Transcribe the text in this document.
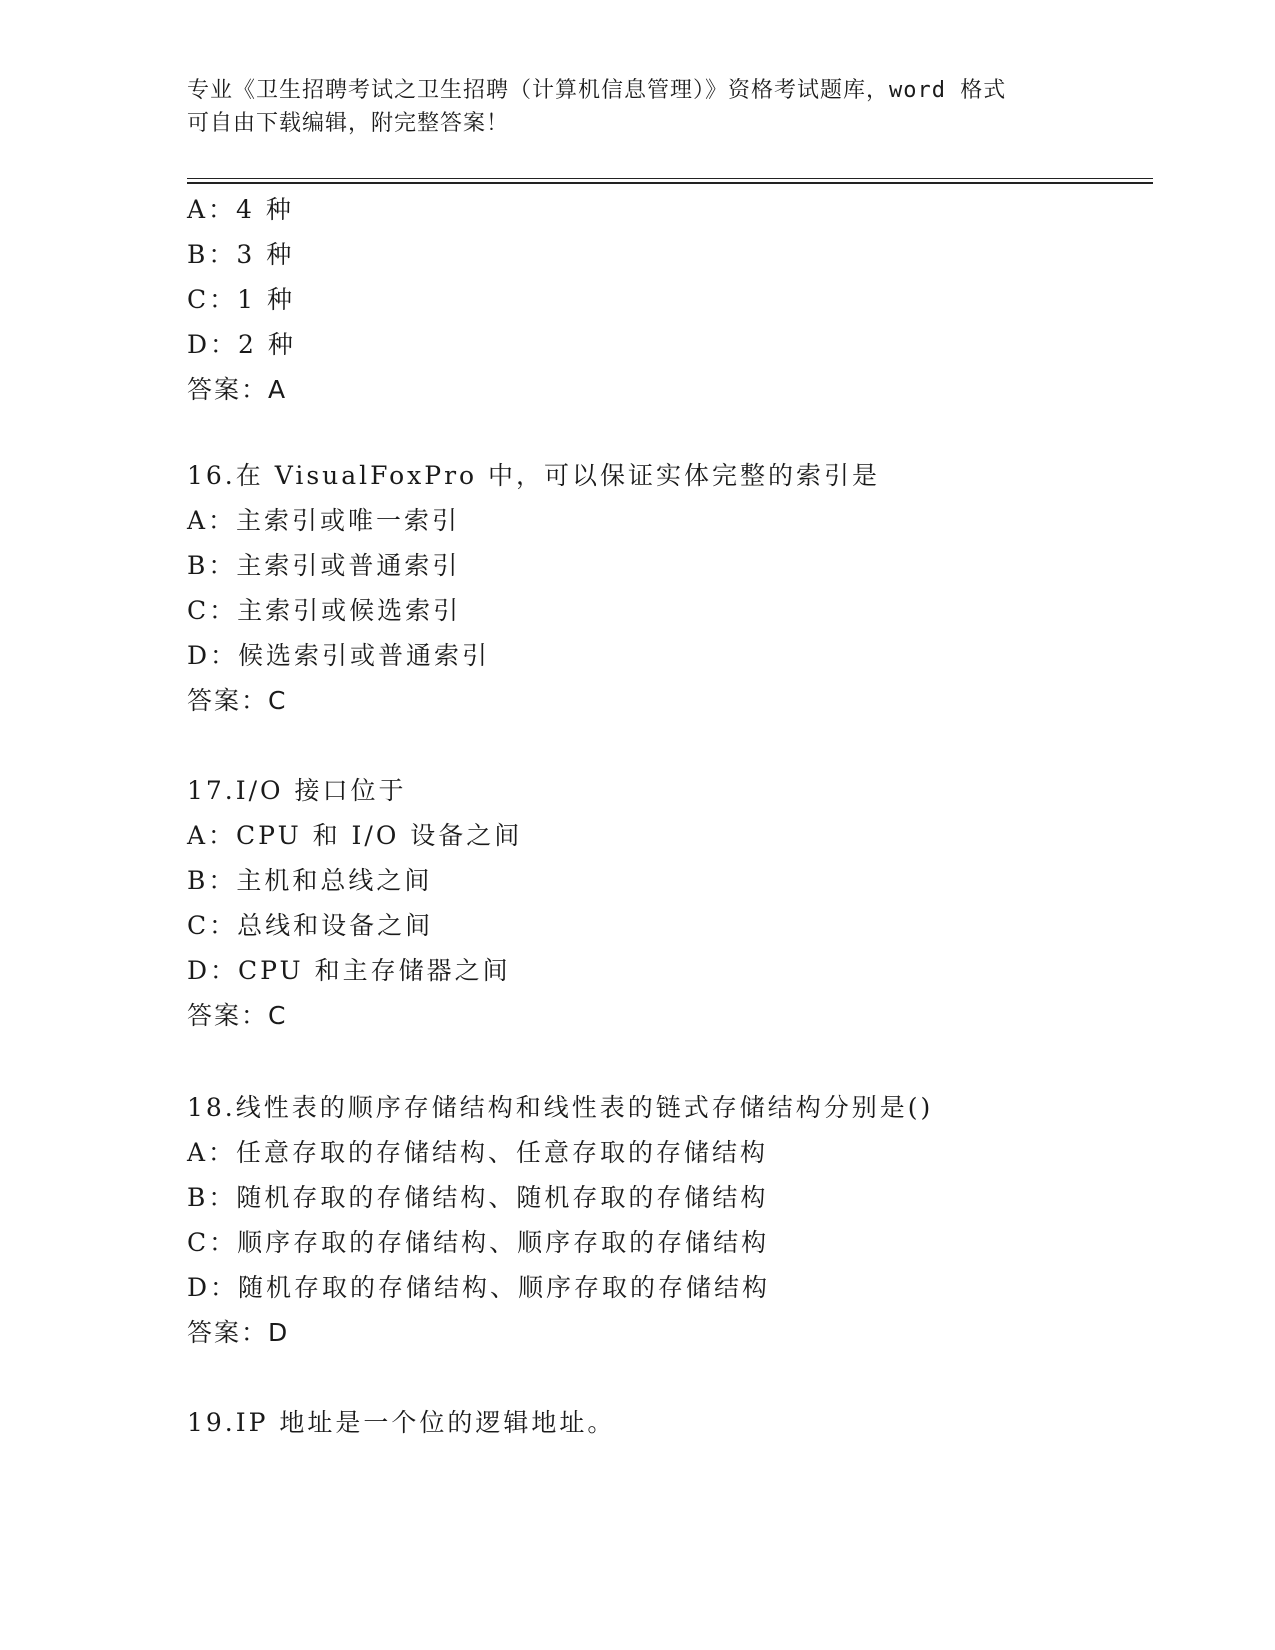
专业《卫生招聘考试之卫生招聘（计算机信息管理）》资格考试题库，word 格式
可自由下载编辑，附完整答案！
A：4 种
B：3 种
C：1 种
D：2 种
答案：A
16.在 VisualFoxPro 中，可以保证实体完整的索引是
A：主索引或唯一索引
B：主索引或普通索引
C：主索引或候选索引
D：候选索引或普通索引
答案：C
17.I/O 接口位于
A：CPU 和 I/O 设备之间
B：主机和总线之间
C：总线和设备之间
D：CPU 和主存储器之间
答案：C
18.线性表的顺序存储结构和线性表的链式存储结构分别是()
A：任意存取的存储结构、任意存取的存储结构
B：随机存取的存储结构、随机存取的存储结构
C：顺序存取的存储结构、顺序存取的存储结构
D：随机存取的存储结构、顺序存取的存储结构
答案：D
19.IP 地址是一个位的逻辑地址。
